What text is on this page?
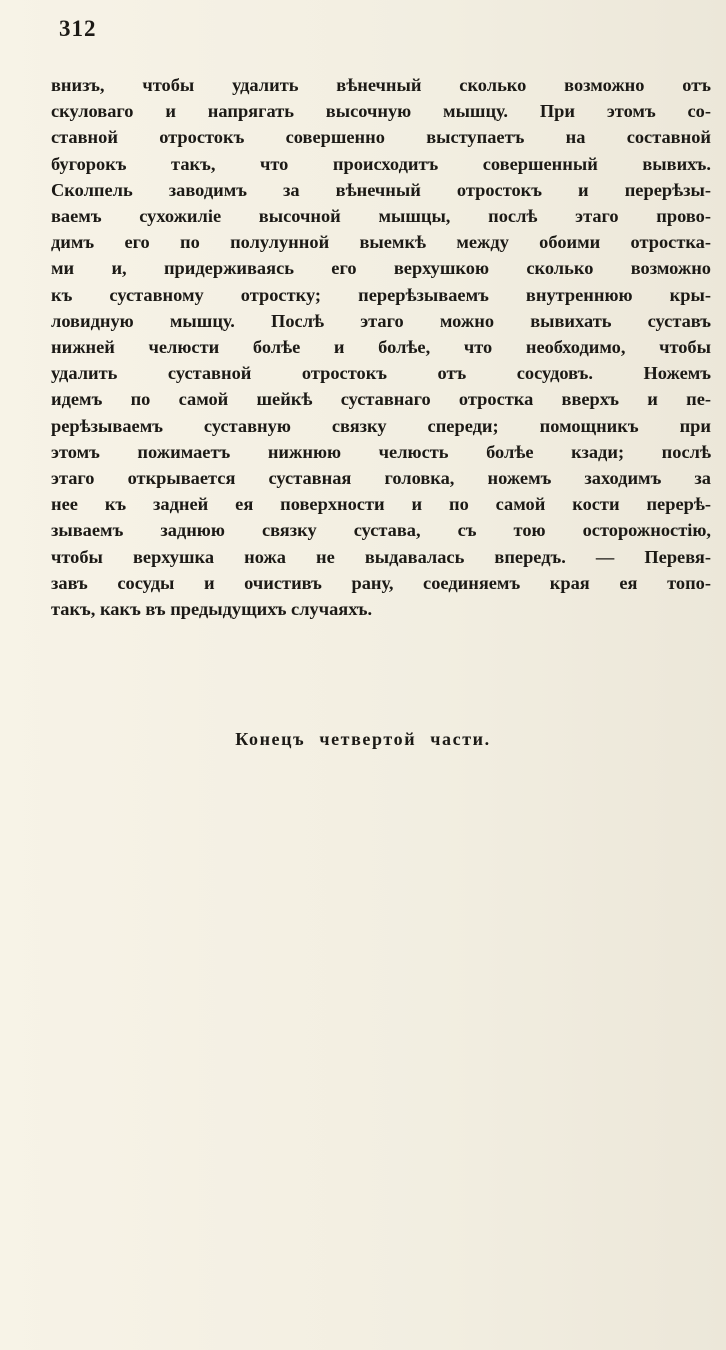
312
внизъ, чтобы удалить вѣнечный сколько возможно отъ
скуловаго и напрягать высочную мышцу. При этомъ со-
ставной отростокъ совершенно выступаетъ на составной
бугорокъ такъ, что происходитъ совершенный вывихъ.
Сколпель заводимъ за вѣнечный отростокъ и перерѣзы-
ваемъ сухожиліе высочной мышцы, послѣ этаго прово-
димъ его по полулунной выемкѣ между обоими отростка-
ми и, придерживаясь его верхушкою сколько возможно
къ суставному отростку; перерѣзываемъ внутреннюю кры-
ловидную мышцу. Послѣ этаго можно вывихать суставъ
нижней челюсти болѣе и болѣе, что необходимо, чтобы
удалить суставной отростокъ отъ сосудовъ. Ножемъ
идемъ по самой шейкѣ суставнаго отростка вверхъ и пе-
рерѣзываемъ суставную связку спереди; помощникъ при
этомъ пожимаетъ нижнюю челюсть болѣе кзади; послѣ
этаго открывается суставная головка, ножемъ заходимъ за
нее къ задней ея поверхности и по самой кости перерѣ-
зываемъ заднюю связку сустава, съ тою осторожностію,
чтобы верхушка ножа не выдавалась впередъ. — Перевя-
завъ сосуды и очистивъ рану, соединяемъ края ея топо-
такъ, какъ въ предыдущихъ случаяхъ.
Конецъ четвертой части.
